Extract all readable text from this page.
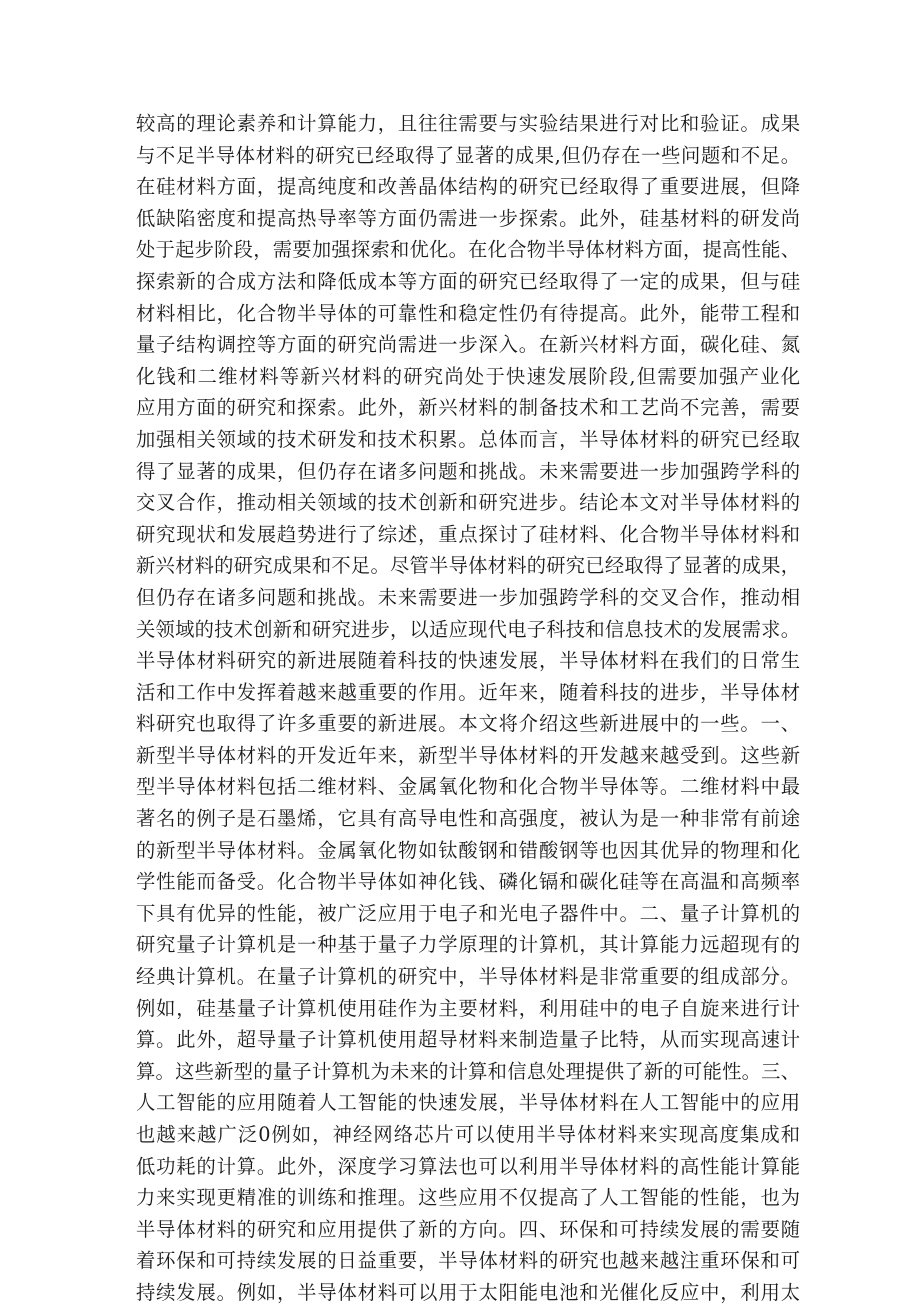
较高的理论素养和计算能力，且往往需要与实验结果进行对比和验证。成果
与不足半导体材料的研究已经取得了显著的成果,但仍存在一些问题和不足。
在硅材料方面，提高纯度和改善晶体结构的研究已经取得了重要进展，但降
低缺陷密度和提高热导率等方面仍需进一步探索。此外，硅基材料的研发尚
处于起步阶段，需要加强探索和优化。在化合物半导体材料方面，提高性能、
探索新的合成方法和降低成本等方面的研究已经取得了一定的成果，但与硅
材料相比，化合物半导体的可靠性和稳定性仍有待提高。此外，能带工程和
量子结构调控等方面的研究尚需进一步深入。在新兴材料方面，碳化硅、氮
化钱和二维材料等新兴材料的研究尚处于快速发展阶段,但需要加强产业化
应用方面的研究和探索。此外，新兴材料的制备技术和工艺尚不完善，需要
加强相关领域的技术研发和技术积累。总体而言，半导体材料的研究已经取
得了显著的成果，但仍存在诸多问题和挑战。未来需要进一步加强跨学科的
交叉合作，推动相关领域的技术创新和研究进步。结论本文对半导体材料的
研究现状和发展趋势进行了综述，重点探讨了硅材料、化合物半导体材料和
新兴材料的研究成果和不足。尽管半导体材料的研究已经取得了显著的成果，
但仍存在诸多问题和挑战。未来需要进一步加强跨学科的交叉合作，推动相
关领域的技术创新和研究进步，以适应现代电子科技和信息技术的发展需求。
半导体材料研究的新进展随着科技的快速发展，半导体材料在我们的日常生
活和工作中发挥着越来越重要的作用。近年来，随着科技的进步，半导体材
料研究也取得了许多重要的新进展。本文将介绍这些新进展中的一些。一、
新型半导体材料的开发近年来，新型半导体材料的开发越来越受到。这些新
型半导体材料包括二维材料、金属氧化物和化合物半导体等。二维材料中最
著名的例子是石墨烯，它具有高导电性和高强度，被认为是一种非常有前途
的新型半导体材料。金属氧化物如钛酸钢和错酸钢等也因其优异的物理和化
学性能而备受。化合物半导体如神化钱、磷化镉和碳化硅等在高温和高频率
下具有优异的性能，被广泛应用于电子和光电子器件中。二、量子计算机的
研究量子计算机是一种基于量子力学原理的计算机，其计算能力远超现有的
经典计算机。在量子计算机的研究中，半导体材料是非常重要的组成部分。
例如，硅基量子计算机使用硅作为主要材料，利用硅中的电子自旋来进行计
算。此外，超导量子计算机使用超导材料来制造量子比特，从而实现高速计
算。这些新型的量子计算机为未来的计算和信息处理提供了新的可能性。三、
人工智能的应用随着人工智能的快速发展，半导体材料在人工智能中的应用
也越来越广泛0例如，神经网络芯片可以使用半导体材料来实现高度集成和
低功耗的计算。此外，深度学习算法也可以利用半导体材料的高性能计算能
力来实现更精准的训练和推理。这些应用不仅提高了人工智能的性能，也为
半导体材料的研究和应用提供了新的方向。四、环保和可持续发展的需要随
着环保和可持续发展的日益重要，半导体材料的研究也越来越注重环保和可
持续发展。例如，半导体材料可以用于太阳能电池和光催化反应中，利用太
